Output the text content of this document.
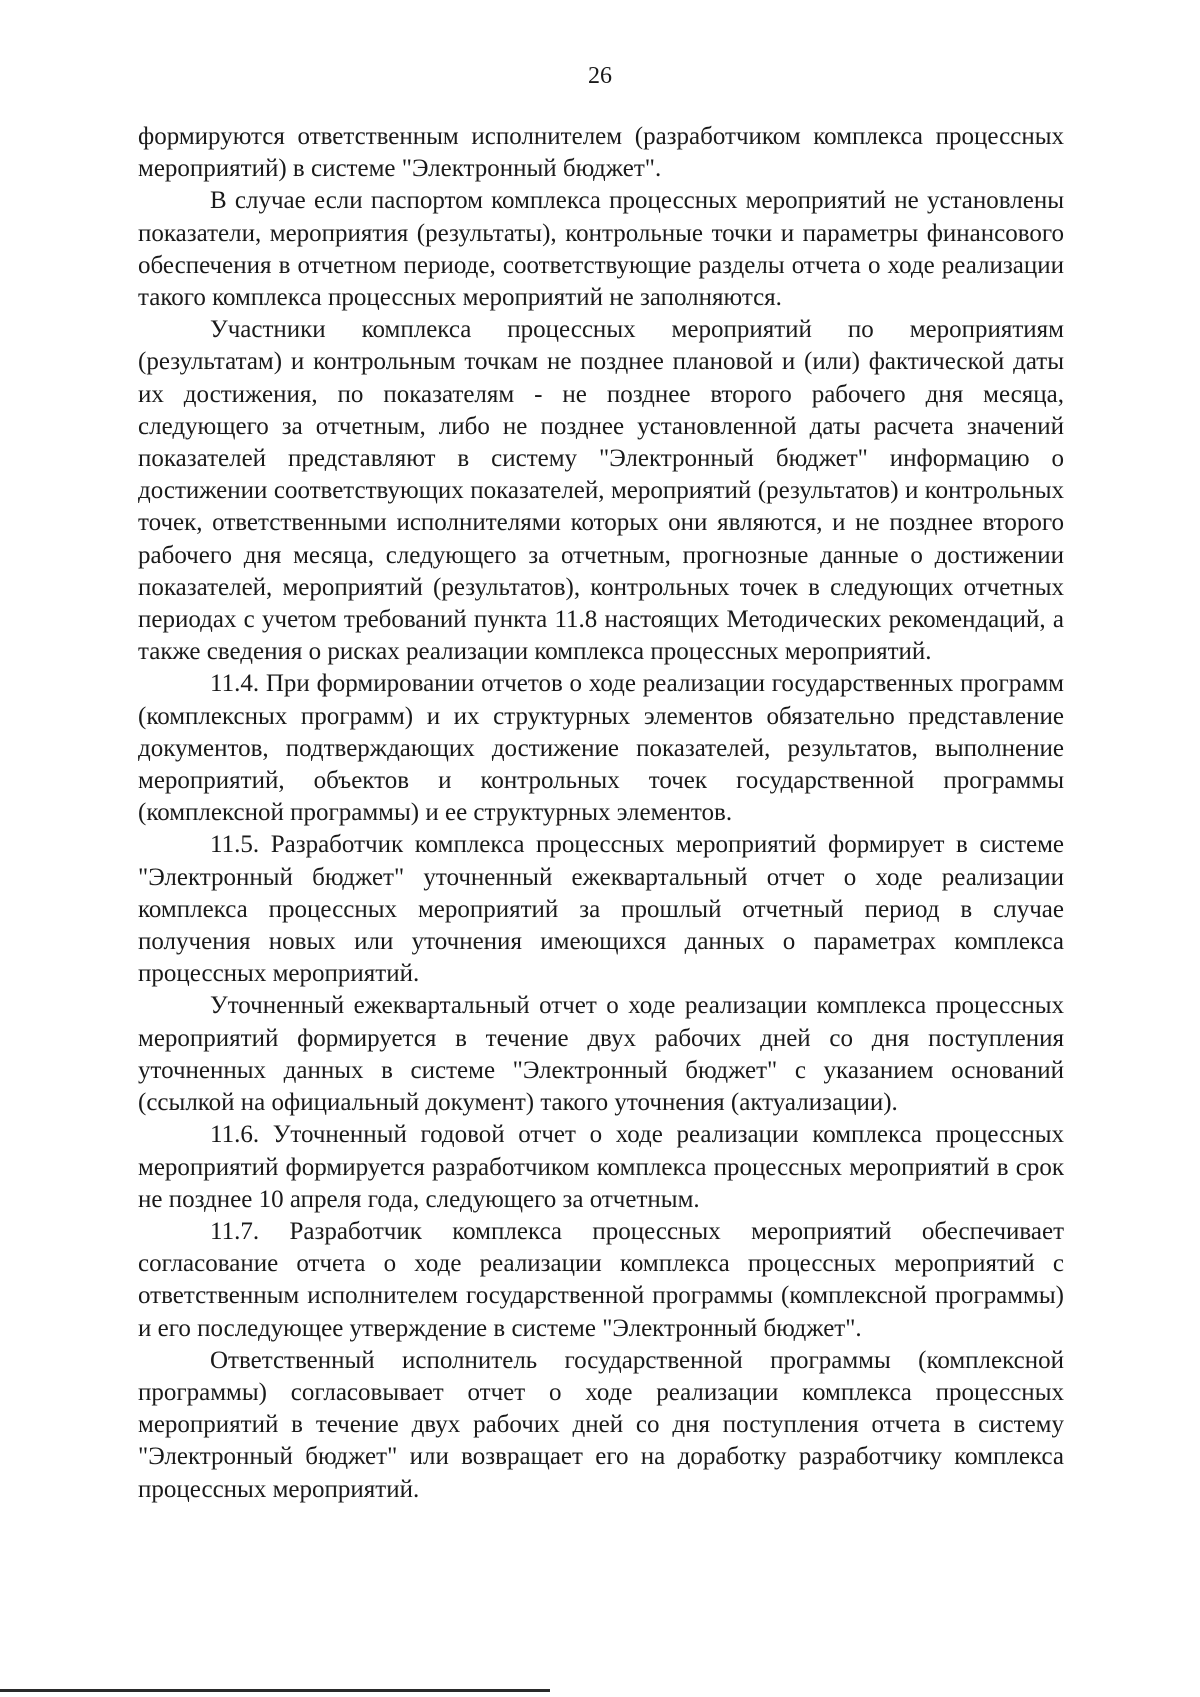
26

формируются ответственным исполнителем (разработчиком комплекса процессных мероприятий) в системе "Электронный бюджет".

В случае если паспортом комплекса процессных мероприятий не установлены показатели, мероприятия (результаты), контрольные точки и параметры финансового обеспечения в отчетном периоде, соответствующие разделы отчета о ходе реализации такого комплекса процессных мероприятий не заполняются.

Участники комплекса процессных мероприятий по мероприятиям (результатам) и контрольным точкам не позднее плановой и (или) фактической даты их достижения, по показателям - не позднее второго рабочего дня месяца, следующего за отчетным, либо не позднее установленной даты расчета значений показателей представляют в систему "Электронный бюджет" информацию о достижении соответствующих показателей, мероприятий (результатов) и контрольных точек, ответственными исполнителями которых они являются, и не позднее второго рабочего дня месяца, следующего за отчетным, прогнозные данные о достижении показателей, мероприятий (результатов), контрольных точек в следующих отчетных периодах с учетом требований пункта 11.8 настоящих Методических рекомендаций, а также сведения о рисках реализации комплекса процессных мероприятий.

11.4. При формировании отчетов о ходе реализации государственных программ (комплексных программ) и их структурных элементов обязательно представление документов, подтверждающих достижение показателей, результатов, выполнение мероприятий, объектов и контрольных точек государственной программы (комплексной программы) и ее структурных элементов.

11.5. Разработчик комплекса процессных мероприятий формирует в системе "Электронный бюджет" уточненный ежеквартальный отчет о ходе реализации комплекса процессных мероприятий за прошлый отчетный период в случае получения новых или уточнения имеющихся данных о параметрах комплекса процессных мероприятий.

Уточненный ежеквартальный отчет о ходе реализации комплекса процессных мероприятий формируется в течение двух рабочих дней со дня поступления уточненных данных в системе "Электронный бюджет" с указанием оснований (ссылкой на официальный документ) такого уточнения (актуализации).

11.6. Уточненный годовой отчет о ходе реализации комплекса процессных мероприятий формируется разработчиком комплекса процессных мероприятий в срок не позднее 10 апреля года, следующего за отчетным.

11.7. Разработчик комплекса процессных мероприятий обеспечивает согласование отчета о ходе реализации комплекса процессных мероприятий с ответственным исполнителем государственной программы (комплексной программы) и его последующее утверждение в системе "Электронный бюджет".

Ответственный исполнитель государственной программы (комплексной программы) согласовывает отчет о ходе реализации комплекса процессных мероприятий в течение двух рабочих дней со дня поступления отчета в систему "Электронный бюджет" или возвращает его на доработку разработчику комплекса процессных мероприятий.
